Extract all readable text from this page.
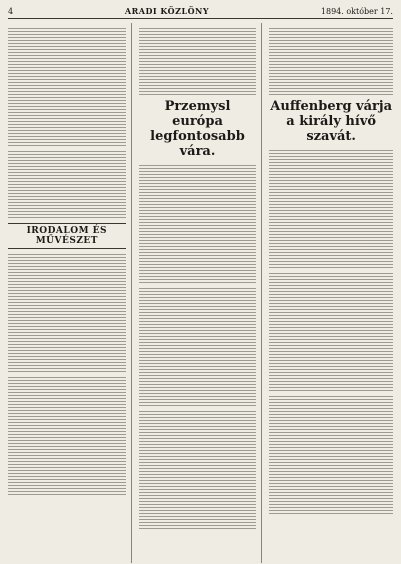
4	ARADI KÖZLÖNY	1894. október 17.
IRODALOM ÉS MŰVÉSZET
Przemysl
európa legfontosabb vára.
Auffenberg várja
a király hívő szavát.
